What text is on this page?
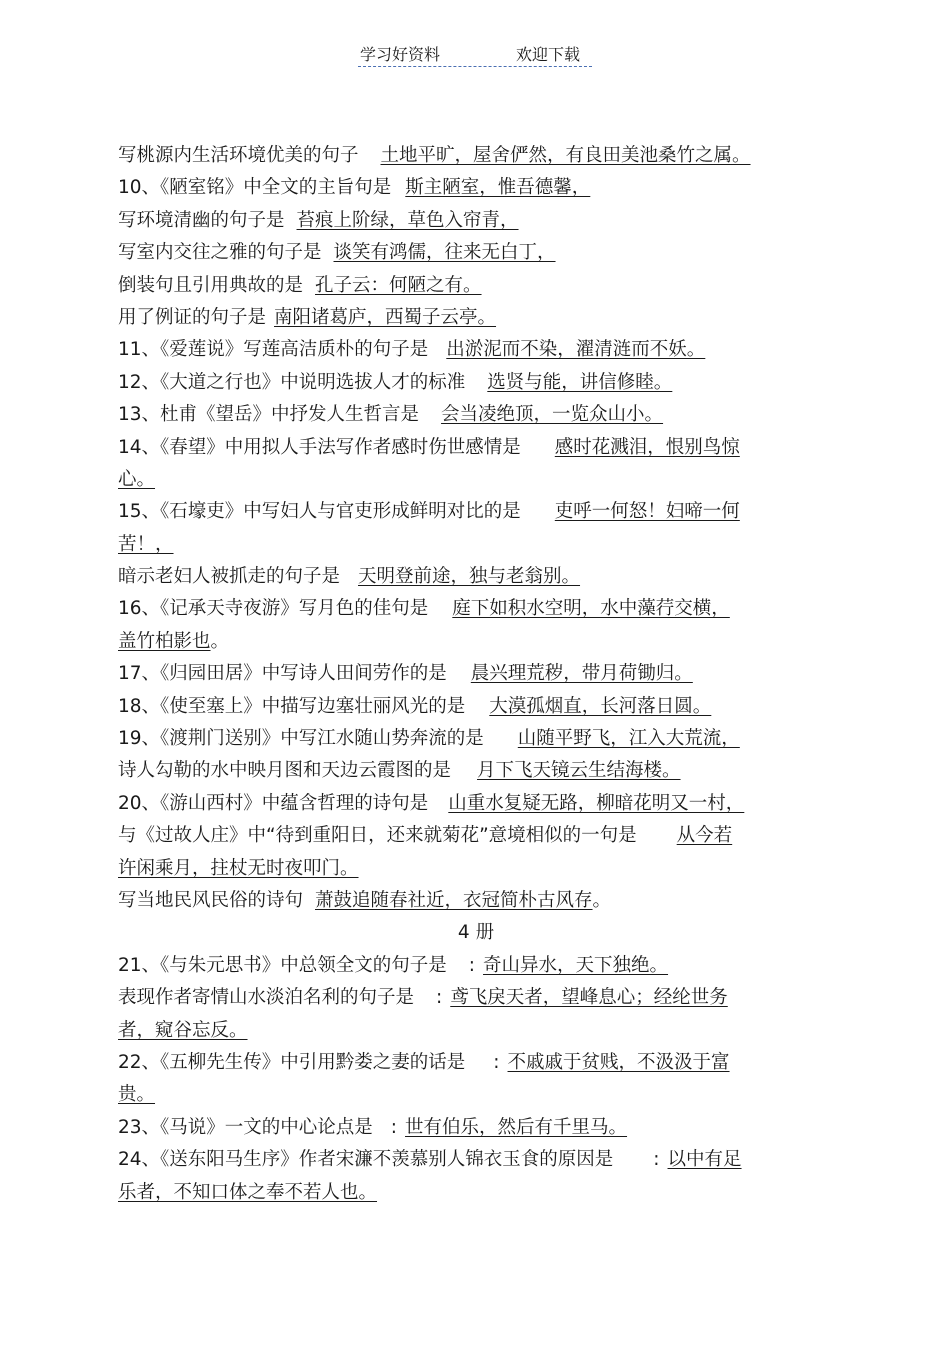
学习好资料	欢迎下载
写桃源内生活环境优美的句子 土地平旷，屋舍俨然，有良田美池桑竹之属。
10、《陋室铭》中全文的主旨句是 斯主陋室，惟吾德馨，
写环境清幽的句子是 苔痕上阶绿，草色入帘青，
写室内交往之雅的句子是 谈笑有鸿儒，往来无白丁，
倒装句且引用典故的是 孔子云：何陋之有。
用了例证的句子是 南阳诸葛庐，西蜀子云亭。
11、《爱莲说》写莲高洁质朴的句子是 出淤泥而不染，濯清涟而不妖。
12、《大道之行也》中说明选拔人才的标准 选贤与能，讲信修睦。
13、杜甫《望岳》中抒发人生哲言是 会当凌绝顶，一览众山小。
14、《春望》中用拟人手法写作者感时伤世感情是 感时花溅泪，恨别鸟惊
心。
15、《石壕吏》中写妇人与官吏形成鲜明对比的是 吏呼一何怒！妇啼一何
苦！，
暗示老妇人被抓走的句子是 天明登前途，独与老翁别。
16、《记承天寺夜游》写月色的佳句是 庭下如积水空明，水中藻荇交横，
盖竹柏影也。
17、《归园田居》中写诗人田间劳作的是 晨兴理荒秽，带月荷锄归。
18、《使至塞上》中描写边塞壮丽风光的是 大漠孤烟直，长河落日圆。
19、《渡荆门送别》中写江水随山势奔流的是 山随平野飞，江入大荒流，
诗人勾勒的水中映月图和天边云霞图的是 月下飞天镜云生结海楼。
20、《游山西村》中蕴含哲理的诗句是 山重水复疑无路，柳暗花明又一村，
与《过故人庄》中“待到重阳日，还来就菊花”意境相似的一句是 从今若
许闲乘月，拄杖无时夜叩门。
写当地民风民俗的诗句 萧鼓追随春社近，衣冠简朴古风存。
4 册
21、《与朱元思书》中总领全文的句子是 : 奇山异水，天下独绝。
表现作者寄情山水淡泊名利的句子是 : 鸢飞戾天者，望峰息心；经纶世务
者，窥谷忘反。
22、《五柳先生传》中引用黔娄之妻的话是 : 不戚戚于贫贱，不汲汲于富
贵。
23、《马说》一文的中心论点是 : 世有伯乐，然后有千里马。
24、《送东阳马生序》作者宋濂不羡慕别人锦衣玉食的原因是 : 以中有足
乐者，不知口体之奉不若人也。
